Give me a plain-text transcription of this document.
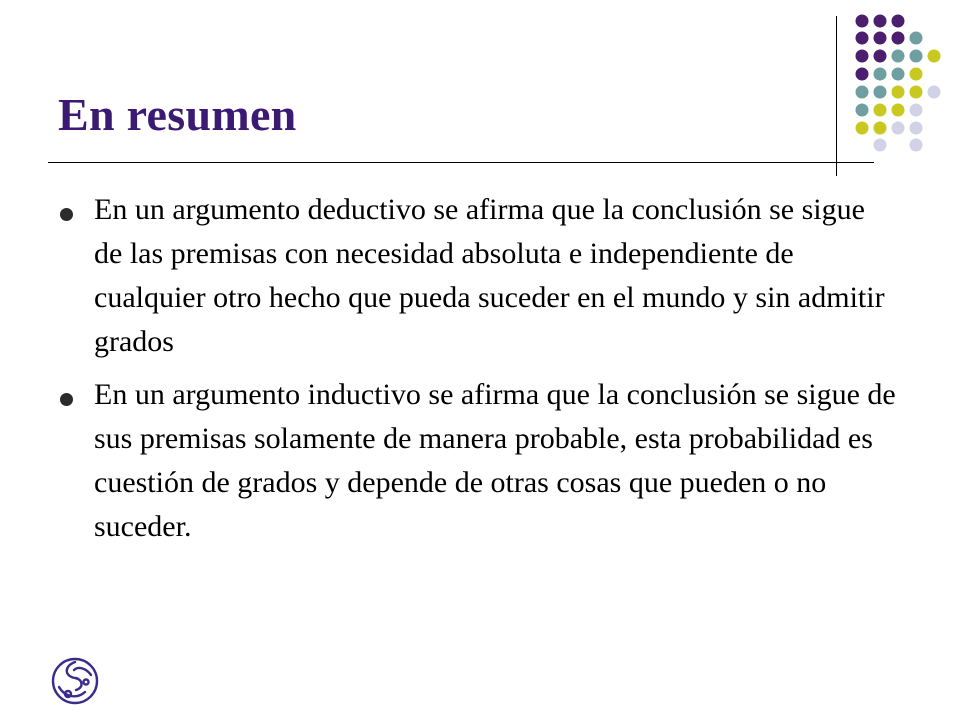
En resumen
En un argumento deductivo se afirma que la conclusión se sigue de las premisas con necesidad absoluta e independiente de cualquier otro hecho que pueda suceder en el mundo y sin admitir grados
En un argumento inductivo se afirma que la conclusión se sigue de sus premisas solamente de manera probable, esta probabilidad es cuestión de grados y depende de otras cosas que pueden o no suceder.
